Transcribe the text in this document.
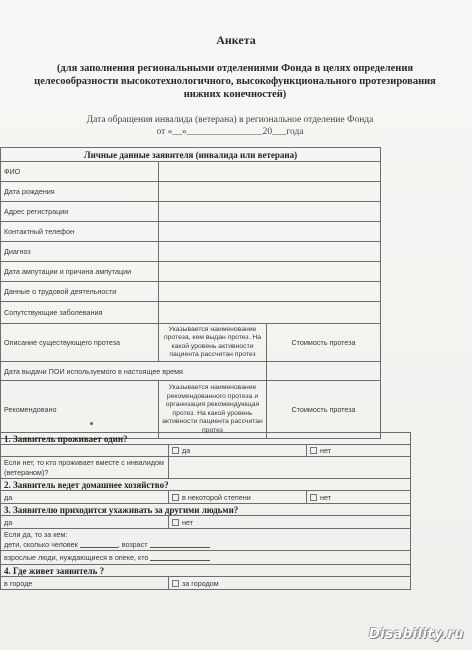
Анкета
(для заполнения региональными отделениями Фонда в целях определения целесообразности высокотехнологичного, высокофункционального протезирования нижних конечностей)
Дата обращения инвалида (ветерана) в региональное отделение Фонда
от «__»________________20___года
Личные данные заявителя (инвалида или ветерана)		
ФИО		
Дата рождения		
Адрес регистрации		
Контактный телефон		
Диагноз		
Дата ампутации и причина ампутации		
Данные о трудовой деятельности		
Сопутствующие заболевания		
Описание существующего протеза	Указывается наименование протеза, кем выдан протез. На какой уровень активности пациента рассчитан протез	Стоимость протеза
Дата выдачи ПОИ используемого в настоящее время		
Рекомендовано	Указывается наименование рекомендованного протеза и организация рекомендующая протез. На какой уровень активности пациента рассчитан протез	Стоимость протеза
1. Заявитель проживает один?		
	да	нет
Если нет, то кто проживает вместе с инвалидом (ветераном)?		
2. Заявитель ведет домашнее хозяйство?		
да	в некоторой степени	нет
3. Заявителю приходится ухаживать за другими людьми?		
да	нет	

Если да, то за кем:
дети, сколько человек , возраст		

взрослые люди, нуждающиеся в опеке, кто		
4. Где живет заявитель ?		
в городе	за городом	
Disability.ru
